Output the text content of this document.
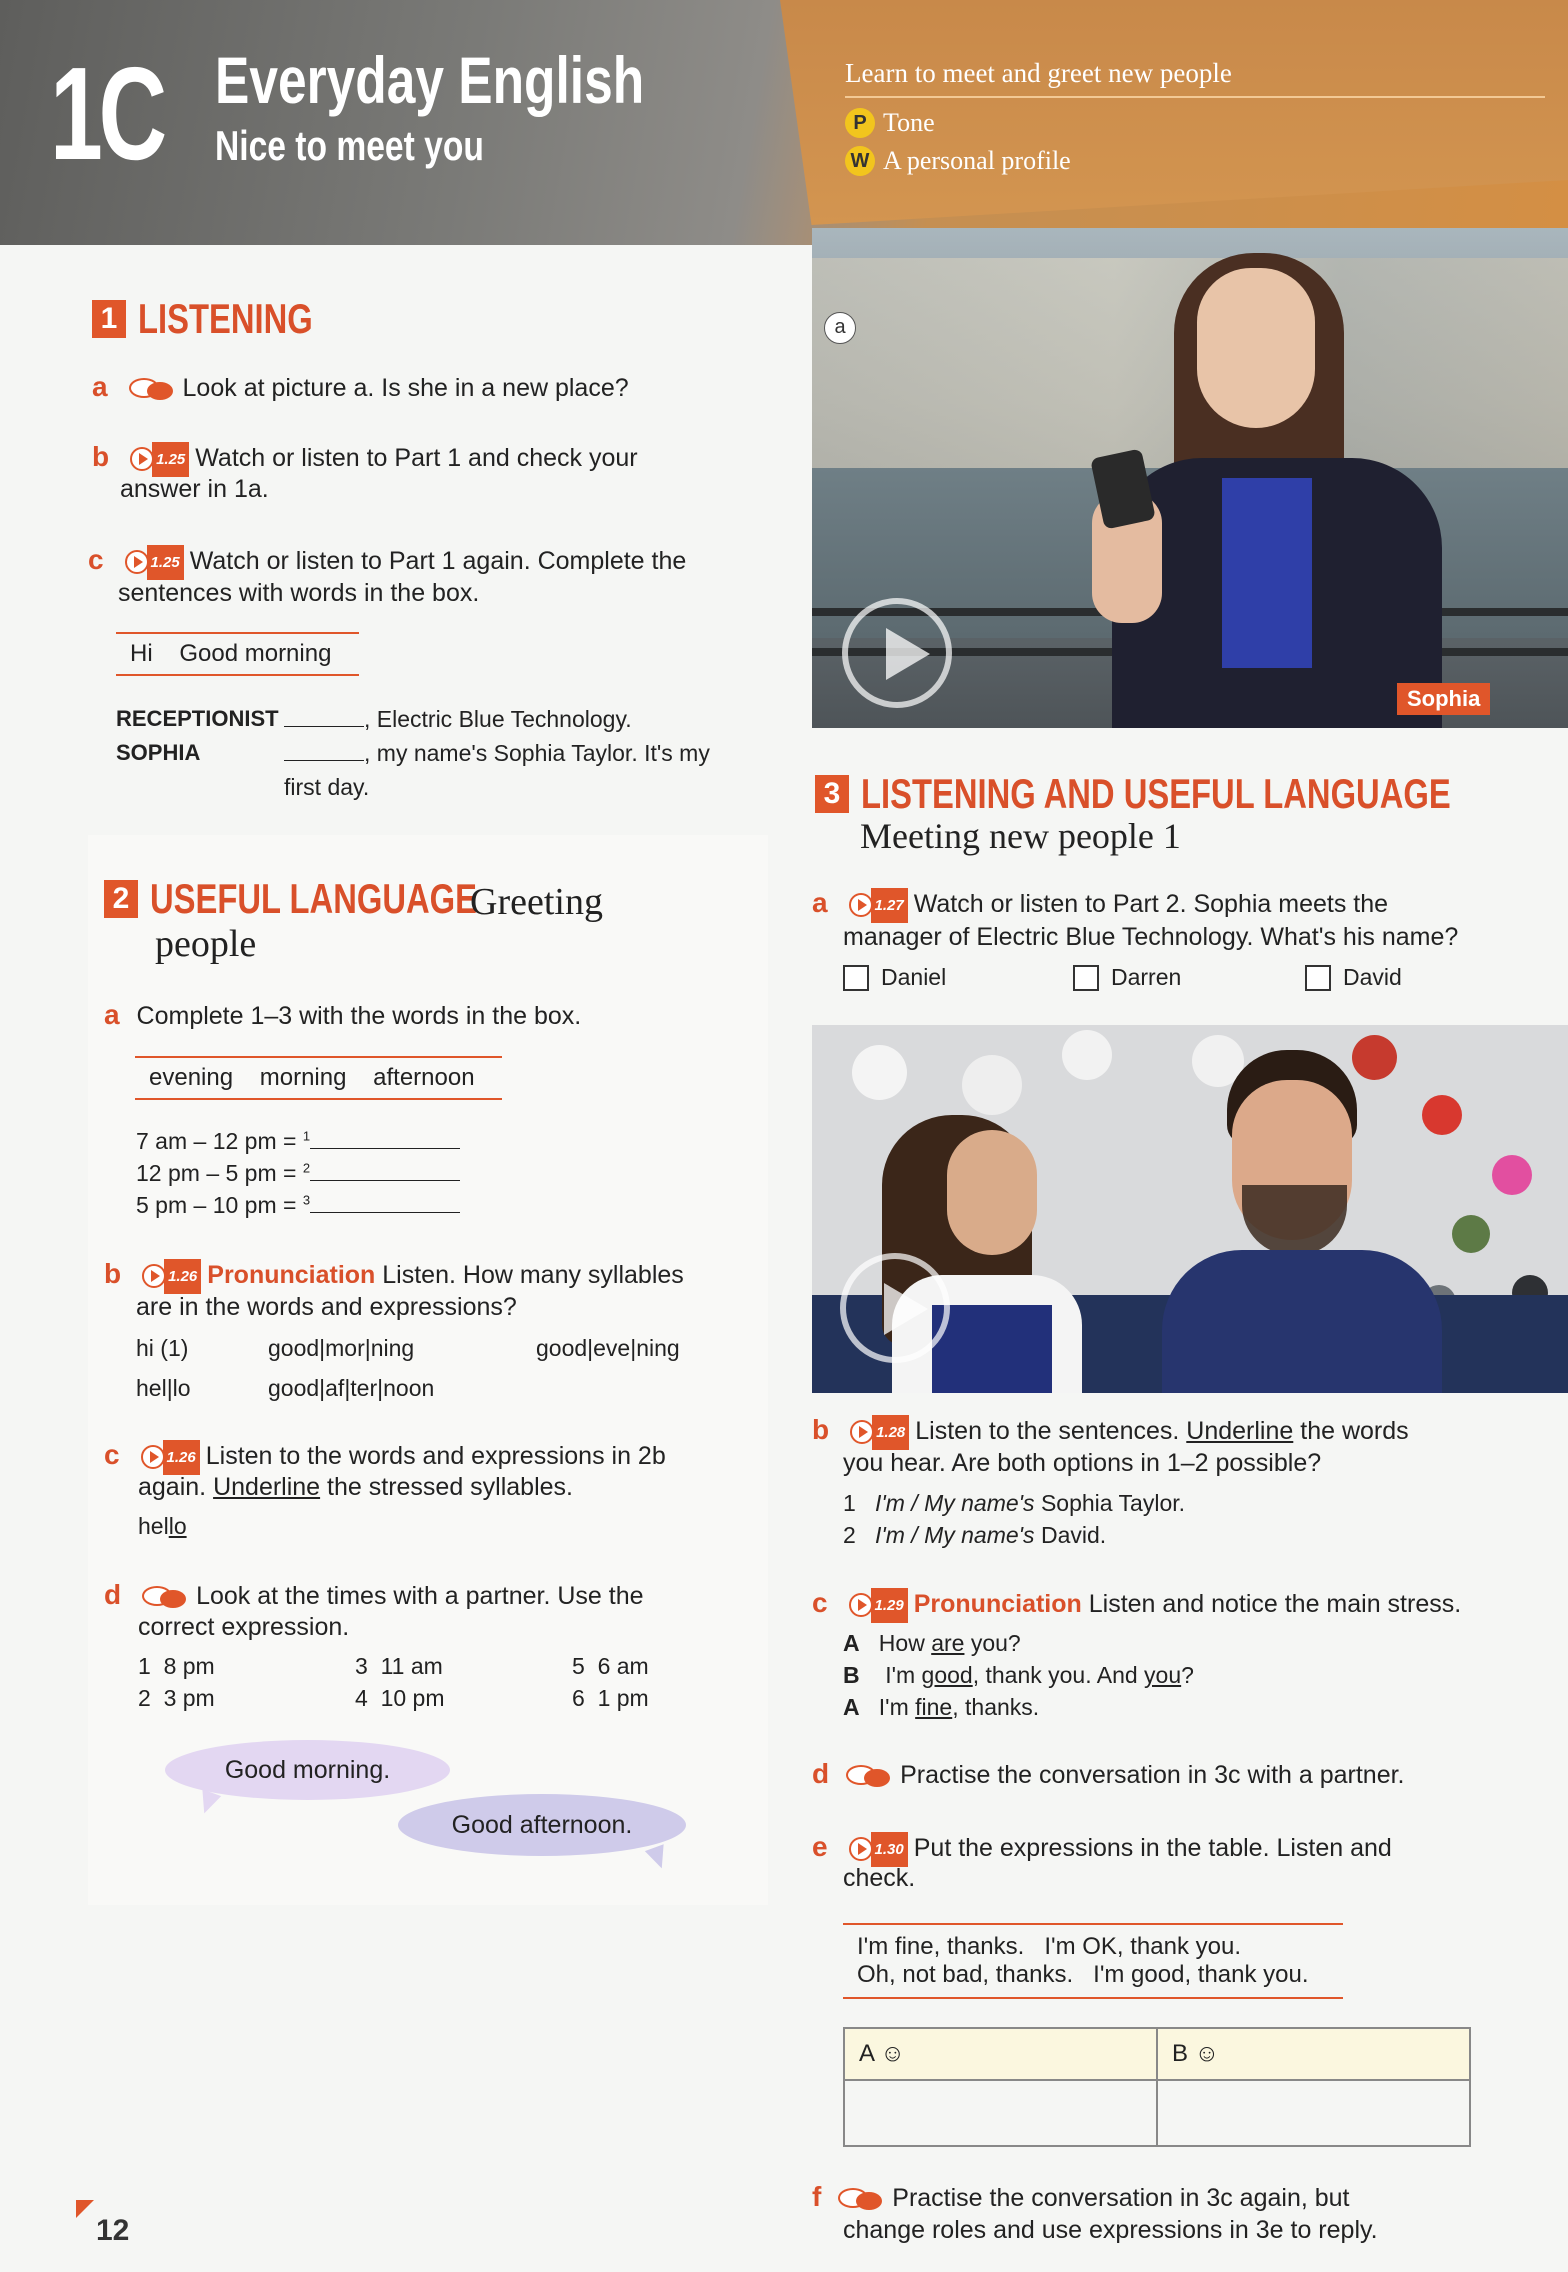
1C Everyday English
Nice to meet you
Learn to meet and greet new people
P Tone
W A personal profile
1 LISTENING
a	Look at picture a. Is she in a new place?
b	1.25 Watch or listen to Part 1 and check your
answer in 1a.
c	1.25 Watch or listen to Part 1 again. Complete the
sentences with words in the box.
Hi Good morning
RECEPTIONIST	, Electric Blue Technology.
SOPHIA	, my name's Sophia Taylor. It's my
first day.
2 USEFUL LANGUAGE
Greeting
people
a Complete 1–3 with the words in the box.
evening morning afternoon
7 am – 12 pm = $^1$
12 pm – 5 pm = $^2$
5 pm – 10 pm = $^3$
b	1.26 Pronunciation Listen. How many syllables
are in the words and expressions?
hi (1)
hel|lo
good|mor|ning
good|af|ter|noon
good|eve|ning
c	1.26 Listen to the words and expressions in 2b
again. Underline the stressed syllables.
hello
d	Look at the times with a partner. Use the
correct expression.
1 8 pm
2 3 pm
3 11 am
4 10 pm
5 6 am
6 1 pm
Good morning.
Good afternoon.
12
a
Sophia
3 LISTENING AND USEFUL LANGUAGE
Meeting new people 1
a	1.27 Watch or listen to Part 2. Sophia meets the
manager of Electric Blue Technology. What's his name?
Daniel	Darren	David
b	1.28 Listen to the sentences. Underline the words
you hear. Are both options in 1–2 possible?
1 I'm / My name's Sophia Taylor.
2 I'm / My name's David.
c	1.29 Pronunciation Listen and notice the main stress.
A How are you?
B I'm good, thank you. And you?
A I'm fine, thanks.
d	Practise the conversation in 3c with a partner.
e	1.30 Put the expressions in the table. Listen and
check.
I'm fine, thanks.   I'm OK, thank you.
Oh, not bad, thanks.   I'm good, thank you.
A ☺	B ☺

f	Practise the conversation in 3c again, but
change roles and use expressions in 3e to reply.
